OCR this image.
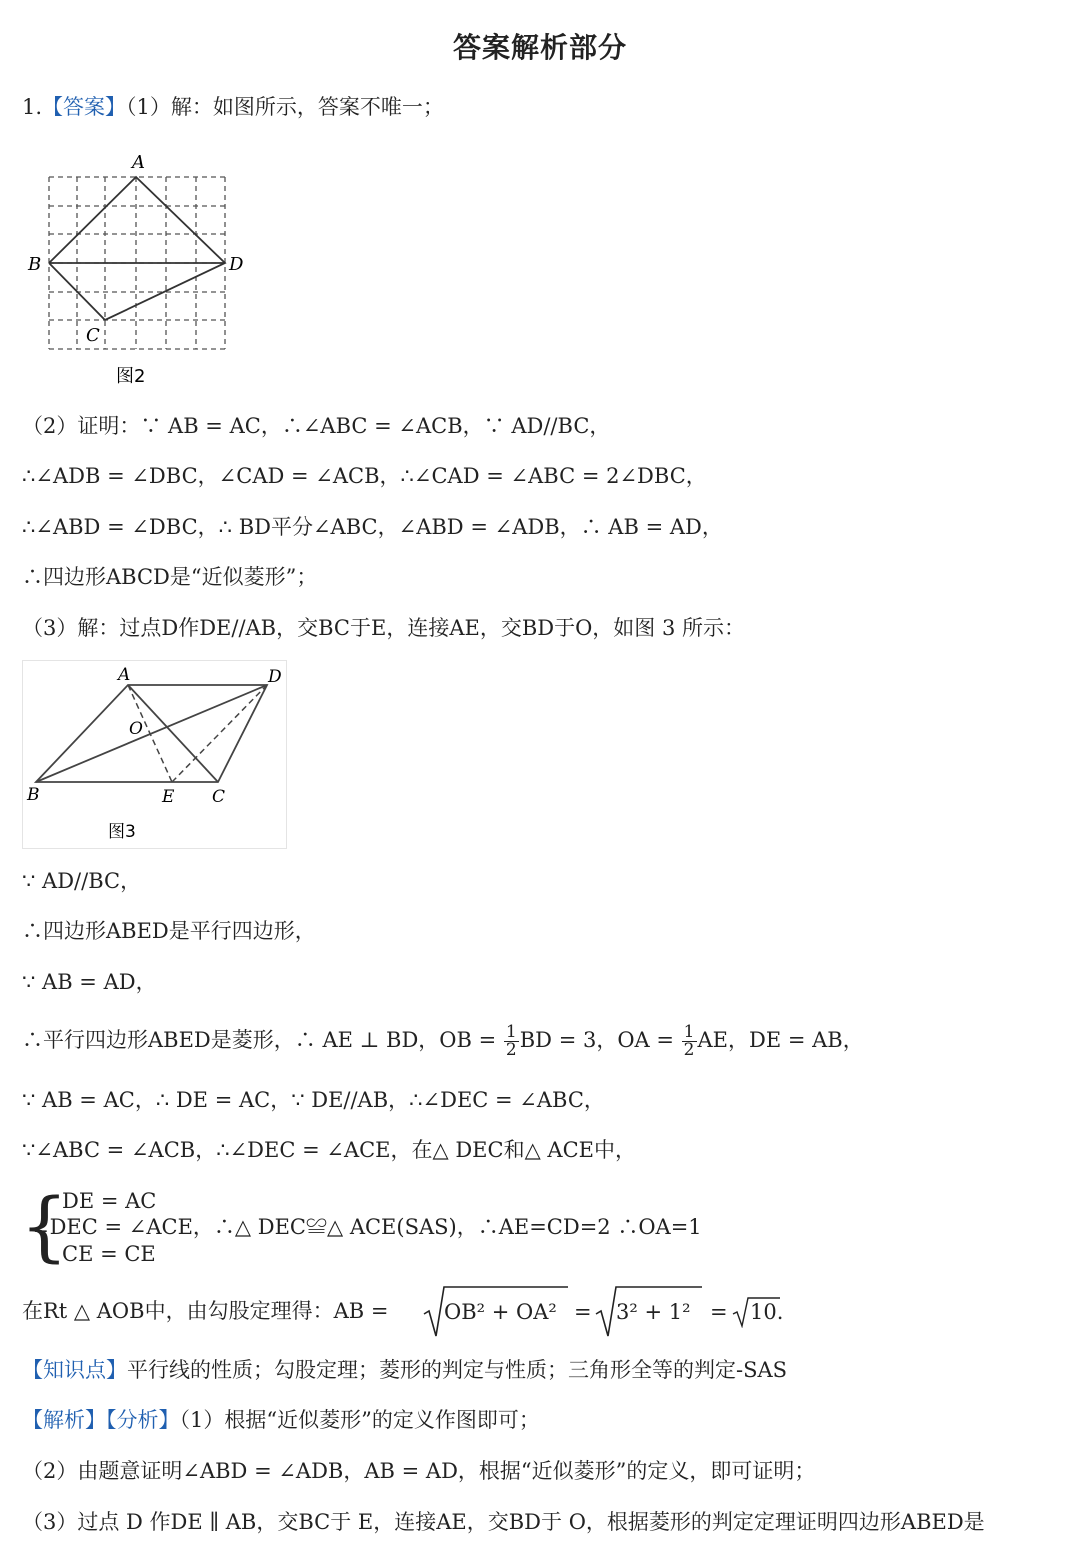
答案解析部分
1.【答案】（1）解：如图所示，答案不唯一；
A
B
C
D
图2
（2）证明：∵ AB = AC，∴∠ABC = ∠ACB，∵ AD//BC，
∴∠ADB = ∠DBC，∠CAD = ∠ACB，∴∠CAD = ∠ABC = 2∠DBC，
∴∠ABD = ∠DBC，∴ BD平分∠ABC，∠ABD = ∠ADB，∴ AB = AD，
∴四边形ABCD是“近似菱形”；
（3）解：过点D作DE//AB，交BC于E，连接AE，交BD于O，如图 3 所示：
A	D
B	E C
O
图3
∵ AD//BC，
∴四边形ABED是平行四边形，
∵ AB = AD，
∴平行四边形ABED是菱形，∴ AE ⊥ BD，OB = $\frac{1}{2}$ BD = 3，OA = $\frac{1}{2}$ AE，DE = AB，
∵ AB = AC，∴ DE = AC，∵ DE//AB，∴∠DEC = ∠ABC，
∵∠ABC = ∠ACB，∴∠DEC = ∠ACE，在△ DEC和△ ACE中，
{
DE = AC
∠DEC = ∠ACE，∴△ DEC≌△ ACE(SAS)，∴AE=CD=2 ∴OA=1
CE = CE
在Rt △ AOB中，由勾股定理得：AB =	OB² + OA² = 3² + 1² = 10.
【知识点】平行线的性质；勾股定理；菱形的判定与性质；三角形全等的判定-SAS
【解析】【分析】（1）根据“近似菱形”的定义作图即可；
（2）由题意证明∠ABD = ∠ADB，AB = AD，根据“近似菱形”的定义，即可证明；
（3）过点 D 作DE ∥ AB，交BC于 E，连接AE，交BD于 O，根据菱形的判定定理证明四边形ABED是
